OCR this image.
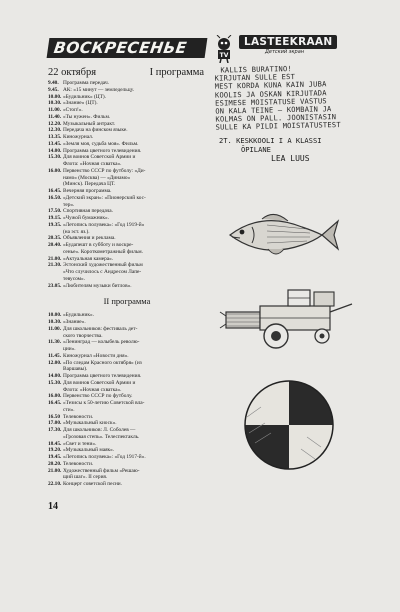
ВОСКРЕСЕНЬЕ
22 октября	I программа
9.40. Программа передач.
9.45. АК: «15 минут — земледельцу.
10.00. «Будильник» (ЦТ).
10.30. «Знание» (ЦТ).
11.00. «Стоп!».
11.40. «Ты нужен». Фильм.
12.20. Музыкальный антракт.
12.30. Передача на финском языке.
13.35. Киножурнал.
13.45. «Земля моя, судьба моя». Фильм.
14.00. Программа цветного телевидения.
15.30. Для воинов Советской Армии и
Флота: «Ночная схватка».
16.00. Первенство СССР по футболу: «Ди-
намо» (Москва) — «Динамо»
(Минск). Передача ЦТ.
16.45. Вечерняя программа.
16.50. «Детский экран»: «Пионерский кос-
тер».
17.50. Спортивная передача.
19.15. «Чужой бумажник».
19.35. «Летопись полувека»: «Год 1919-й»
(на эст. яз.).
20.35. Объявления и реклама.
20.40. «Будапешт в субботу и воскре-
сенье». Короткометражный фильм.
21.00. «Актуальная камера».
21.30. Эстонский художественный фильм
«Что случилось с Андресом Лапе-
тевусом».
23.05. «Любителям музыки битлов».
II программа
10.00. «Будильник».
10.30. «Знание».
11.00. Для школьников: фестиваль дет-
ского творчества.
11.30. «Ленинград — колыбель револю-
ции».
11.45. Киножурнал «Новости дня».
12.00. «По следам Красного октября» (из
Варшавы).
14.00. Программа цветного телевидения.
15.30. Для воинов Советской Армии и
Флота: «Ночная схватка».
16.00. Первенство СССР по футболу.
16.45. «Тезисы к 50-летию Советской вла-
сти».
16.50 Телевоности.
17.00. «Музыкальный киоск».
17.30. Для школьников: Л. Соболев —
«Грозовая степь». Телеспектакль.
18.45. «Свет и тени».
19.20. «Музыкальный маяк».
19.45. «Летопись полувека»: «Год 1917-й».
20.20. Телевоности.
21.00. Художественный фильм «Решаю-
щий шаг». II серия.
22.10. Концерт советской песни.
14
TV
LASTEEKRAAN
Детский экран
KALLIS BURATINO!
KIRJUTAN SULLE EST
MEST KORDA KUNA KAIN JUBA
KOOLIS JA OSKAN KIRJUTADA
ESIMESE MOISTATUSE VASTUS
ON KALA TEINE — KOMBAIN JA
KOLMAS ON PALL. JOONISTASIN
SULLE KA PILDI MOISTATUSTEST
2T. KESKKOOLI I A KLASSI
ÕPILANE
LEA LUUS
